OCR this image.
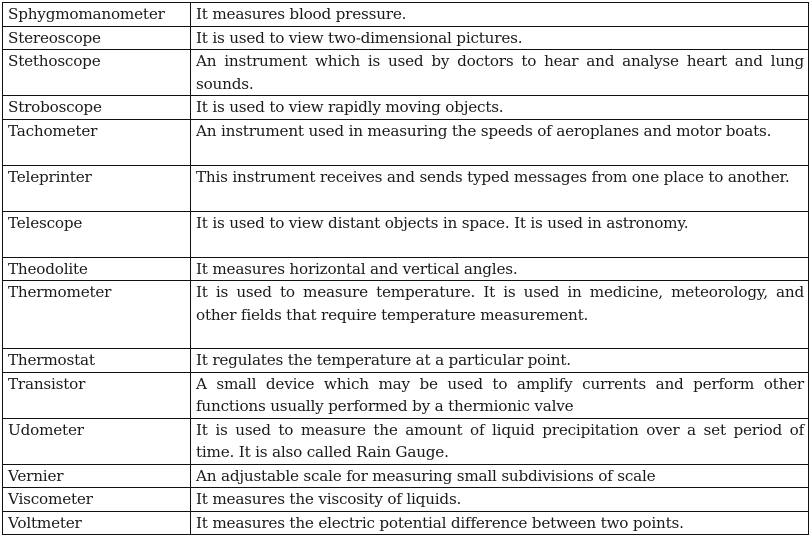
Sphygmomanometer	It measures blood pressure.
Stereoscope	It is used to view two-dimensional pictures.
Stethoscope	An instrument which is used by doctors to hear and analyse heart and lung sounds.
Stroboscope	It is used to view rapidly moving objects.
Tachometer	An instrument used in measuring the speeds of aeroplanes and motor boats.
Teleprinter	This instrument receives and sends typed messages from one place to another.
Telescope	It is used to view distant objects in space. It is used in astronomy.
Theodolite	It measures horizontal and vertical angles.
Thermometer	It is used to measure temperature. It is used in medicine, meteorology, and other fields that require temperature measurement.
Thermostat	It regulates the temperature at a particular point.
Transistor	A small device which may be used to amplify currents and perform other functions usually performed by a thermionic valve
Udometer	It is used to measure the amount of liquid precipitation over a set period of time. It is also called Rain Gauge.
Vernier	An adjustable scale for measuring small subdivisions of scale
Viscometer	It measures the viscosity of liquids.
Voltmeter	It measures the electric potential difference between two points.
